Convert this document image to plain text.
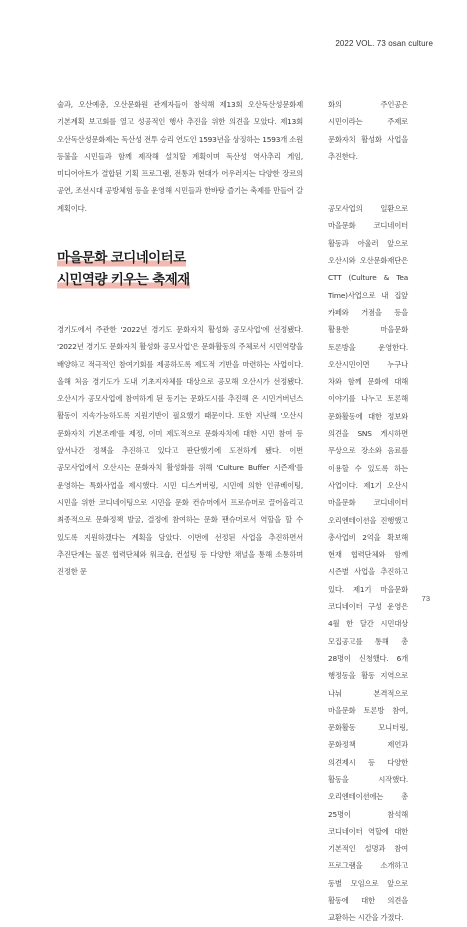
2022 VOL. 73 osan culture

술과, 오산예총, 오산문화원 관계자들이 참석해 제13회 오산독산성문화제 기본계획 보고회를 열고 성공적인 행사 추진을 위한 의견을 모았다. 제13회 오산독산성문화제는 독산성 전투 승리 연도인 1593년을 상징하는 1593개 소원 등불을 시민들과 함께 제작해 설치할 계획이며 독산성 역사추리 게임, 미디어아트가 결합된 기획 프로그램, 전통과 현대가 어우러지는 다양한 장르의 공연, 조선시대 공방체험 등을 운영해 시민들과 한바탕 즐기는 축제를 만들어 갈 계획이다.

마을문화 코디네이터로
시민역량 키우는 축제재

경기도에서 주관한 '2022년 경기도 문화자치 활성화 공모사업'에 선정됐다. '2022년 경기도 문화자치 활성화 공모사업'은 문화활동의 주체로서 시민역량을 배양하고 적극적인 참여기회를 제공하도록 제도적 기반을 마련하는 사업이다. 올해 처음 경기도가 도내 기초지자체를 대상으로 공모해 오산시가 선정됐다. 오산시가 공모사업에 참여하게 된 동기는 문화도시를 추진해 온 시민거버넌스 활동이 지속가능하도록 지원기반이 필요했기 때문이다. 또한 지난해 '오산시 문화자치 기본조례'를 제정, 이미 제도적으로 문화자치에 대한 시민 참여 등 앞서나간 정책을 추진하고 있다고 판단했기에 도전하게 됐다. 이번 공모사업에서 오산시는 문화자치 활성화를 위해 'Culture Buffer 시즌제'를 운영하는 특화사업을 제시했다. 시민 디스커버링, 시민에 의한 인큐베이팅, 시민을 위한 코디네이팅으로 시민을 문화 컨슈머에서 프로슈머로 끌어올리고 최종적으로 문화정책 발굴, 결정에 참여하는 문화 팬슈머로서 역할을 할 수 있도록 지원하겠다는 계획을 담았다. 이번에 선정된 사업을 추진하면서 추진단계는 물론 협력단체와 워크숍, 컨설팅 등 다양한 채널을 통해 소통하며 진정한 문

화의 주인공은 시민이라는 주제로 문화자치 활성화 사업을 추진한다.

공모사업의 일환으로 마을문화 코디네이터 활동과 아울러 앞으로 오산시와 오산문화재단은 CTT (Culture & Tea Time)사업으로 내 집앞 카페와 거점을 등을 활용한 마을문화 토론방을 운영한다. 오산시민이면 누구나 차와 함께 문화에 대해 이야기를 나누고 토론해 문화활동에 대한 정보와 의견을 SNS 게시하면 무상으로 장소와 음료를 이용할 수 있도록 하는 사업이다. 제1기 오산시 마을문화 코디네이터 오리엔테이션을 진행했고 총사업비 2억을 확보해 현재 협력단체와 함께 시즌별 사업을 추진하고 있다. 제1기 마을문화 코디네이터 구성 운영은 4월 한 달간 시민대상 모집공고를 통해 총 28명이 신청했다. 6개 행정동을 활동 지역으로 나눠 본격적으로 마을문화 토론방 참여, 문화활동 모니터링, 문화정책 제언과 의견제시 등 다양한 활동을 시작했다. 오리엔테이션에는 총 25명이 참석해 코디네이터 역할에 대한 기본적인 설명과 참여 프로그램을 소개하고 동별 모임으로 앞으로 활동에 대한 의견을 교환하는 시간을 가졌다.

73
